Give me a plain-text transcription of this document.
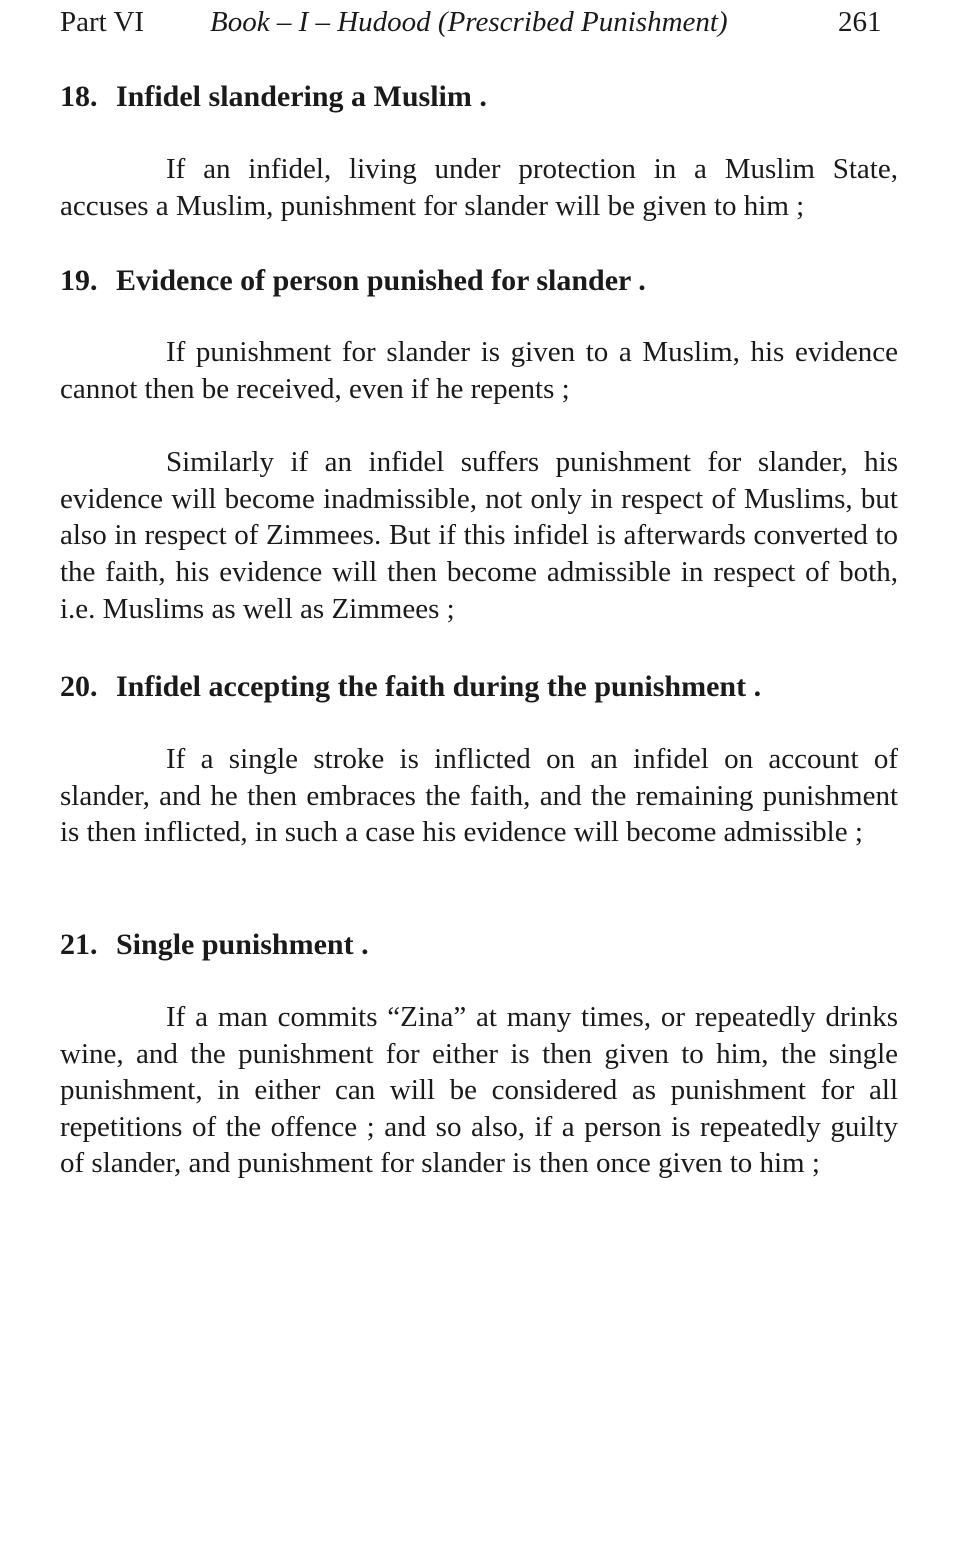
Part VI Book – I – Hudood (Prescribed Punishment)	261

18. Infidel slandering a Muslim .

If an infidel, living under protection in a Muslim State, accuses a Muslim, punishment for slander will be given to him ;

19. Evidence of person punished for slander .

If punishment for slander is given to a Muslim, his evidence cannot then be received, even if he repents ;

Similarly if an infidel suffers punishment for slander, his evidence will become inadmissible, not only in respect of Muslims, but also in respect of Zimmees. But if this infidel is afterwards converted to the faith, his evidence will then become admissible in respect of both, i.e. Muslims as well as Zimmees ;

20. Infidel accepting the faith during the punishment .

If a single stroke is inflicted on an infidel on account of slander, and he then embraces the faith, and the remaining punishment is then inflicted, in such a case his evidence will become admissible ;

21. Single punishment .

If a man commits “Zina” at many times, or repeatedly drinks wine, and the punishment for either is then given to him, the single punishment, in either can will be considered as punishment for all repetitions of the offence ; and so also, if a person is repeatedly guilty of slander, and punishment for slander is then once given to him ;
